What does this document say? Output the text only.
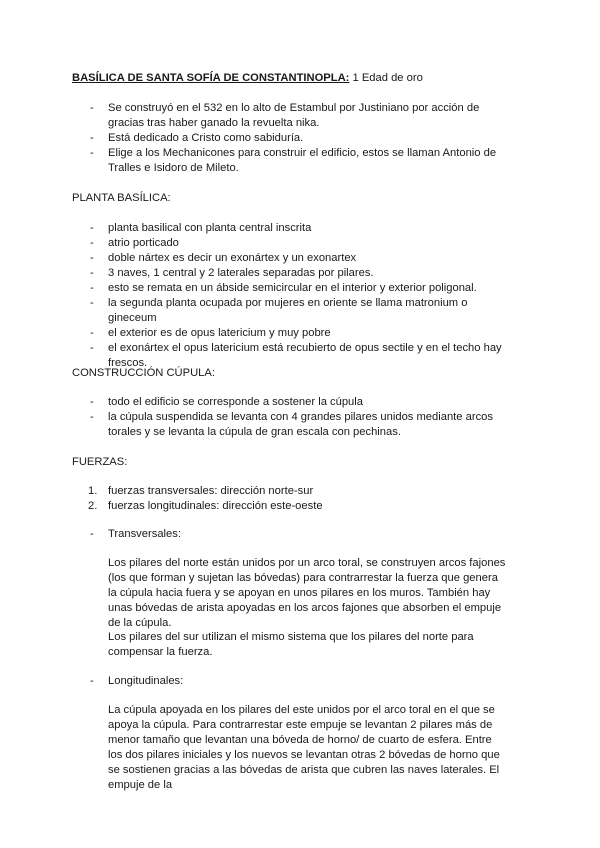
BASÍLICA DE SANTA SOFÍA DE CONSTANTINOPLA: 1 Edad de oro
- Se construyó en el 532 en lo alto de Estambul por Justiniano por acción de gracias tras haber ganado la revuelta nika.
- Está dedicado a Cristo como sabiduría.
- Elige a los Mechanicones para construir el edificio, estos se llaman Antonio de Tralles e Isidoro de Mileto.
PLANTA BASÍLICA:
- planta basilical con planta central inscrita
- atrio porticado
- doble nártex es decir un exonártex y un exonartex
- 3 naves, 1 central y 2 laterales separadas por pilares.
- esto se remata en un ábside semicircular en el interior y exterior poligonal.
- la segunda planta ocupada por mujeres en oriente se llama matronium o gineceum
- el exterior es de opus latericium y muy pobre
- el exonártex el opus latericium está recubierto de opus sectile y en el techo hay frescos.
CONSTRUCCIÓN CÚPULA:
- todo el edificio se corresponde a sostener la cúpula
- la cúpula suspendida se levanta con 4 grandes pilares unidos mediante arcos torales y se levanta la cúpula de gran escala con pechinas.
FUERZAS:
1. fuerzas transversales: dirección norte-sur
2. fuerzas longitudinales: dirección este-oeste
- Transversales:
Los pilares del norte están unidos por un arco toral, se construyen arcos fajones (los que forman y sujetan las bóvedas) para contrarrestar la fuerza que genera la cúpula hacia fuera y se apoyan en unos pilares en los muros. También hay unas bóvedas de arista apoyadas en los arcos fajones que absorben el empuje de la cúpula.
Los pilares del sur utilizan el mismo sistema que los pilares del norte para compensar la fuerza.
- Longitudinales:
La cúpula apoyada en los pilares del este unidos por el arco toral en el que se apoya la cúpula. Para contrarrestar este empuje se levantan 2 pilares más de menor tamaño que levantan una bóveda de horno/ de cuarto de esfera. Entre los dos pilares iniciales y los nuevos se levantan otras 2 bóvedas de horno que se sostienen gracias a las bóvedas de arista que cubren las naves laterales. El empuje de la
